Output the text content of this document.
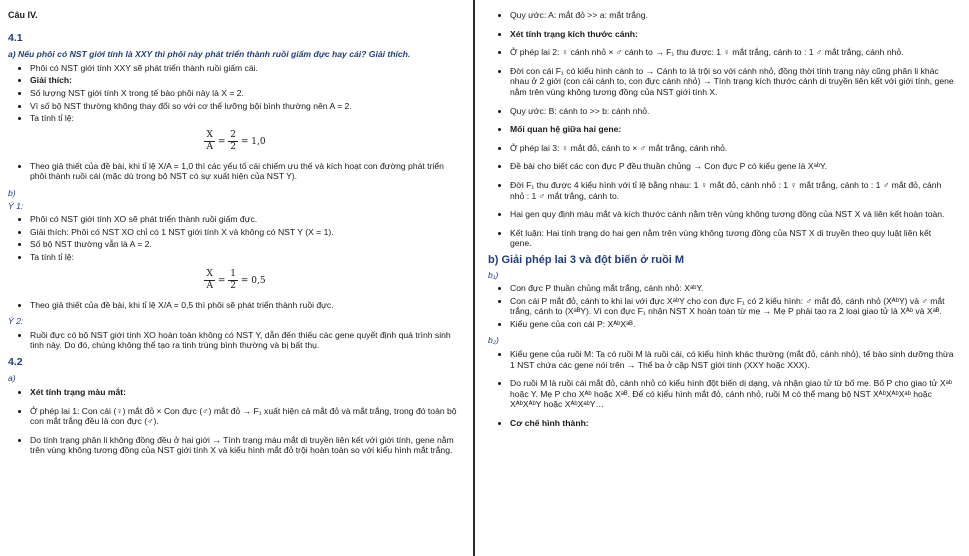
Câu IV.
4.1
a) Nếu phôi có NST giới tính là XXY thì phôi này phát triển thành ruồi giấm đực hay cái? Giải thích.
• Phôi có NST giới tính XXY sẽ phát triển thành ruồi giấm cái.
• Giải thích:
• Số lượng NST giới tính X trong tế bào phôi này là X = 2.
• Vì số bộ NST thường không thay đổi so với cơ thể lưỡng bội bình thường nên A = 2.
• Ta tính tỉ lệ:
$\frac{X}{A} = \frac{2}{2} = 1,0$
• Theo giả thiết của đề bài, khi tỉ lệ X/A = 1,0 thì các yếu tố cái chiếm ưu thế và kích hoạt con đường phát triển phôi thành ruồi cái (mặc dù trong bộ NST có sự xuất hiện của NST Y).
b)
Ý 1:
• Phôi có NST giới tính XO sẽ phát triển thành ruồi giấm đực.
• Giải thích: Phôi có NST XO chỉ có 1 NST giới tính X và không có NST Y (X = 1).
• Số bộ NST thường vẫn là A = 2.
• Ta tính tỉ lệ:
$\frac{X}{A} = \frac{1}{2} = 0,5$
• Theo giả thiết của đề bài, khi tỉ lệ X/A = 0,5 thì phôi sẽ phát triển thành ruồi đực.
Ý 2:
• Ruồi đực có bộ NST giới tính XO hoàn toàn không có NST Y, dẫn đến thiếu các gene quyết định quá trình sinh tinh này. Do đó, chúng không thể tạo ra tinh trùng bình thường và bị bất thụ.
4.2
a)
• Xét tính trạng màu mắt:
• Ở phép lai 1: Con cái (♀) mắt đỏ × Con đực (♂) mắt đỏ → F₁ xuất hiện cả mắt đỏ và mắt trắng, trong đó toàn bộ con mắt trắng đều là con đực (♂).
• Do tính trạng phân li không đồng đều ở hai giới → Tính trạng màu mắt di truyền liên kết với giới tính, gene nằm trên vùng không tương đồng của NST giới tính X và kiểu hình mắt đỏ trội hoàn toàn so với kiểu hình mắt trắng.
• Quy ước: A: mắt đỏ >> a: mắt trắng.
• Xét tính trạng kích thước cánh:
• Ở phép lai 2: ♀ cánh nhỏ × ♂ cánh to → F₁ thu được: 1 ♀ mắt trắng, cánh to : 1 ♂ mắt trắng, cánh nhỏ.
• Đời con cái F₁ có kiểu hình cánh to → Cánh to là trội so với cánh nhỏ, đồng thời tính trạng này cũng phân li khác nhau ở 2 giới (con cái cánh to, con đực cánh nhỏ) → Tính trạng kích thước cánh di truyền liên kết với giới tính, gene nằm trên vùng không tương đồng của NST giới tính X.
• Quy ước: B: cánh to >> b: cánh nhỏ.
• Mối quan hệ giữa hai gene:
• Ở phép lai 3: ♀ mắt đỏ, cánh to × ♂ mắt trắng, cánh nhỏ.
• Đề bài cho biết các con đực P đều thuần chủng → Con đực P có kiểu gene là XᵃᵇY.
• Đời F₁ thu được 4 kiểu hình với tỉ lệ bằng nhau: 1 ♀ mắt đỏ, cánh nhỏ : 1 ♀ mắt trắng, cánh to : 1 ♂ mắt đỏ, cánh nhỏ : 1 ♂ mắt trắng, cánh to.
• Hai gen quy định màu mắt và kích thước cánh nằm trên vùng không tương đồng của NST X và liên kết hoàn toàn.
• Kết luận: Hai tính trạng do hai gen nằm trên vùng không tương đồng của NST X di truyền theo quy luật liên kết gene.
b) Giải phép lai 3 và đột biến ở ruồi M
b₁)
• Con đực P thuần chủng mắt trắng, cánh nhỏ: XᵃᵇY.
• Con cái P mắt đỏ, cánh to khi lai với đực XᵃᵇY cho con đực F₁ có 2 kiểu hình: ♂ mắt đỏ, cánh nhỏ (XᴬᵇY) và ♂ mắt trắng, cánh to (XᵃᴮY). Vì con đực F₁ nhận NST X hoàn toàn từ mẹ → Mẹ P phải tạo ra 2 loại giao tử là Xᴬᵇ và Xᵃᴮ.
• Kiểu gene của con cái P: XᴬᵇXᵃᴮ.
b₂)
• Kiểu gene của ruồi M: Ta có ruồi M là ruồi cái, có kiểu hình khác thường (mắt đỏ, cánh nhỏ), tế bào sinh dưỡng thừa 1 NST chứa các gene nói trên → Thể ba ở cặp NST giới tính (XXY hoặc XXX).
• Do ruồi M là ruồi cái mắt đỏ, cánh nhỏ có kiểu hình đột biến dị dạng, và nhận giao tử từ bố mẹ. Bố P cho giao tử Xᵃᵇ hoặc Y. Mẹ P cho Xᴬᵇ hoặc Xᵃᴮ. Để có kiểu hình mắt đỏ, cánh nhỏ, ruồi M có thể mang bộ NST XᴬᵇXᴬᵇXᵃᵇ hoặc XᴬᵇXᴬᵇY hoặc XᴬᵇXᵃᵇY…
• Cơ chế hình thành:
